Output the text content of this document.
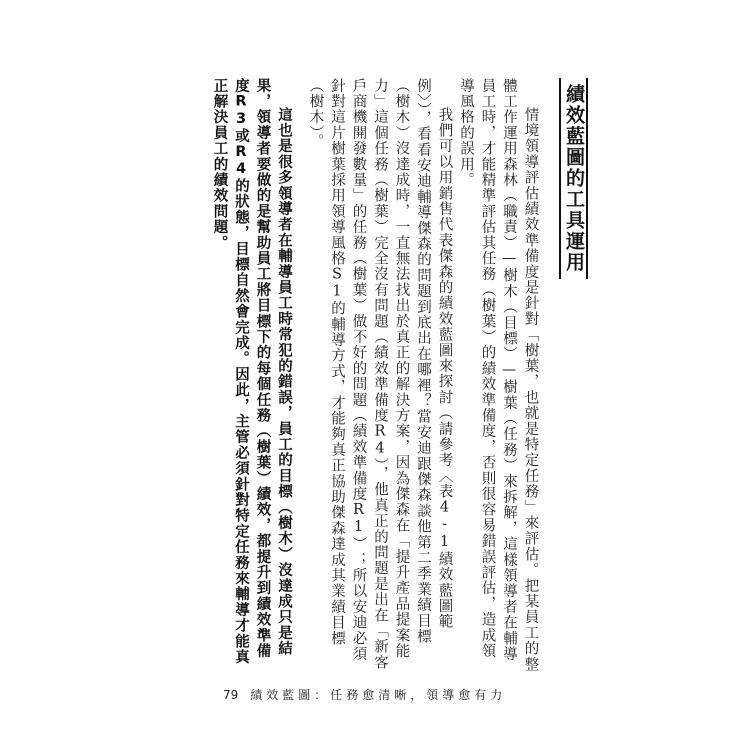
績效藍圖的工具運用

情境領導評估績效準備度是針對「樹葉，也就是特定任務」來評估。把某員工的整體工作運用森林（職責）—樹木（目標）—樹葉（任務）來拆解，這樣領導者在輔導員工時，才能精準評估其任務（樹葉）的績效準備度，否則很容易錯誤評估，造成領導風格的誤用。

我們可以用銷售代表傑森的績效藍圖來探討（請參考〈表4-1績效藍圖範例〉），看看安迪輔導傑森的問題到底出在哪裡？當安迪跟傑森談他第二季業績目標（樹木）沒達成時，一直無法找出於真正的解決方案，因為傑森在「提升產品提案能力」這個任務（樹葉）完全沒有問題（績效準備度R4），他真正的問題是出在「新客戶商機開發數量」的任務（樹葉）做不好的問題（績效準備度R1）；所以安迪必須針對這片樹葉採用領導風格S1的輔導方式，才能夠真正協助傑森達成其業績目標（樹木）。

這也是很多領導者在輔導員工時常犯的錯誤，員工的目標（樹木）沒達成只是結果，領導者要做的是幫助員工將目標下的每個任務（樹葉）績效，都提升到績效準備度R3或R4的狀態，目標自然會完成。因此，主管必須針對特定任務來輔導才能真正解決員工的績效問題。

79 績效藍圖：任務愈清晰，領導愈有力
